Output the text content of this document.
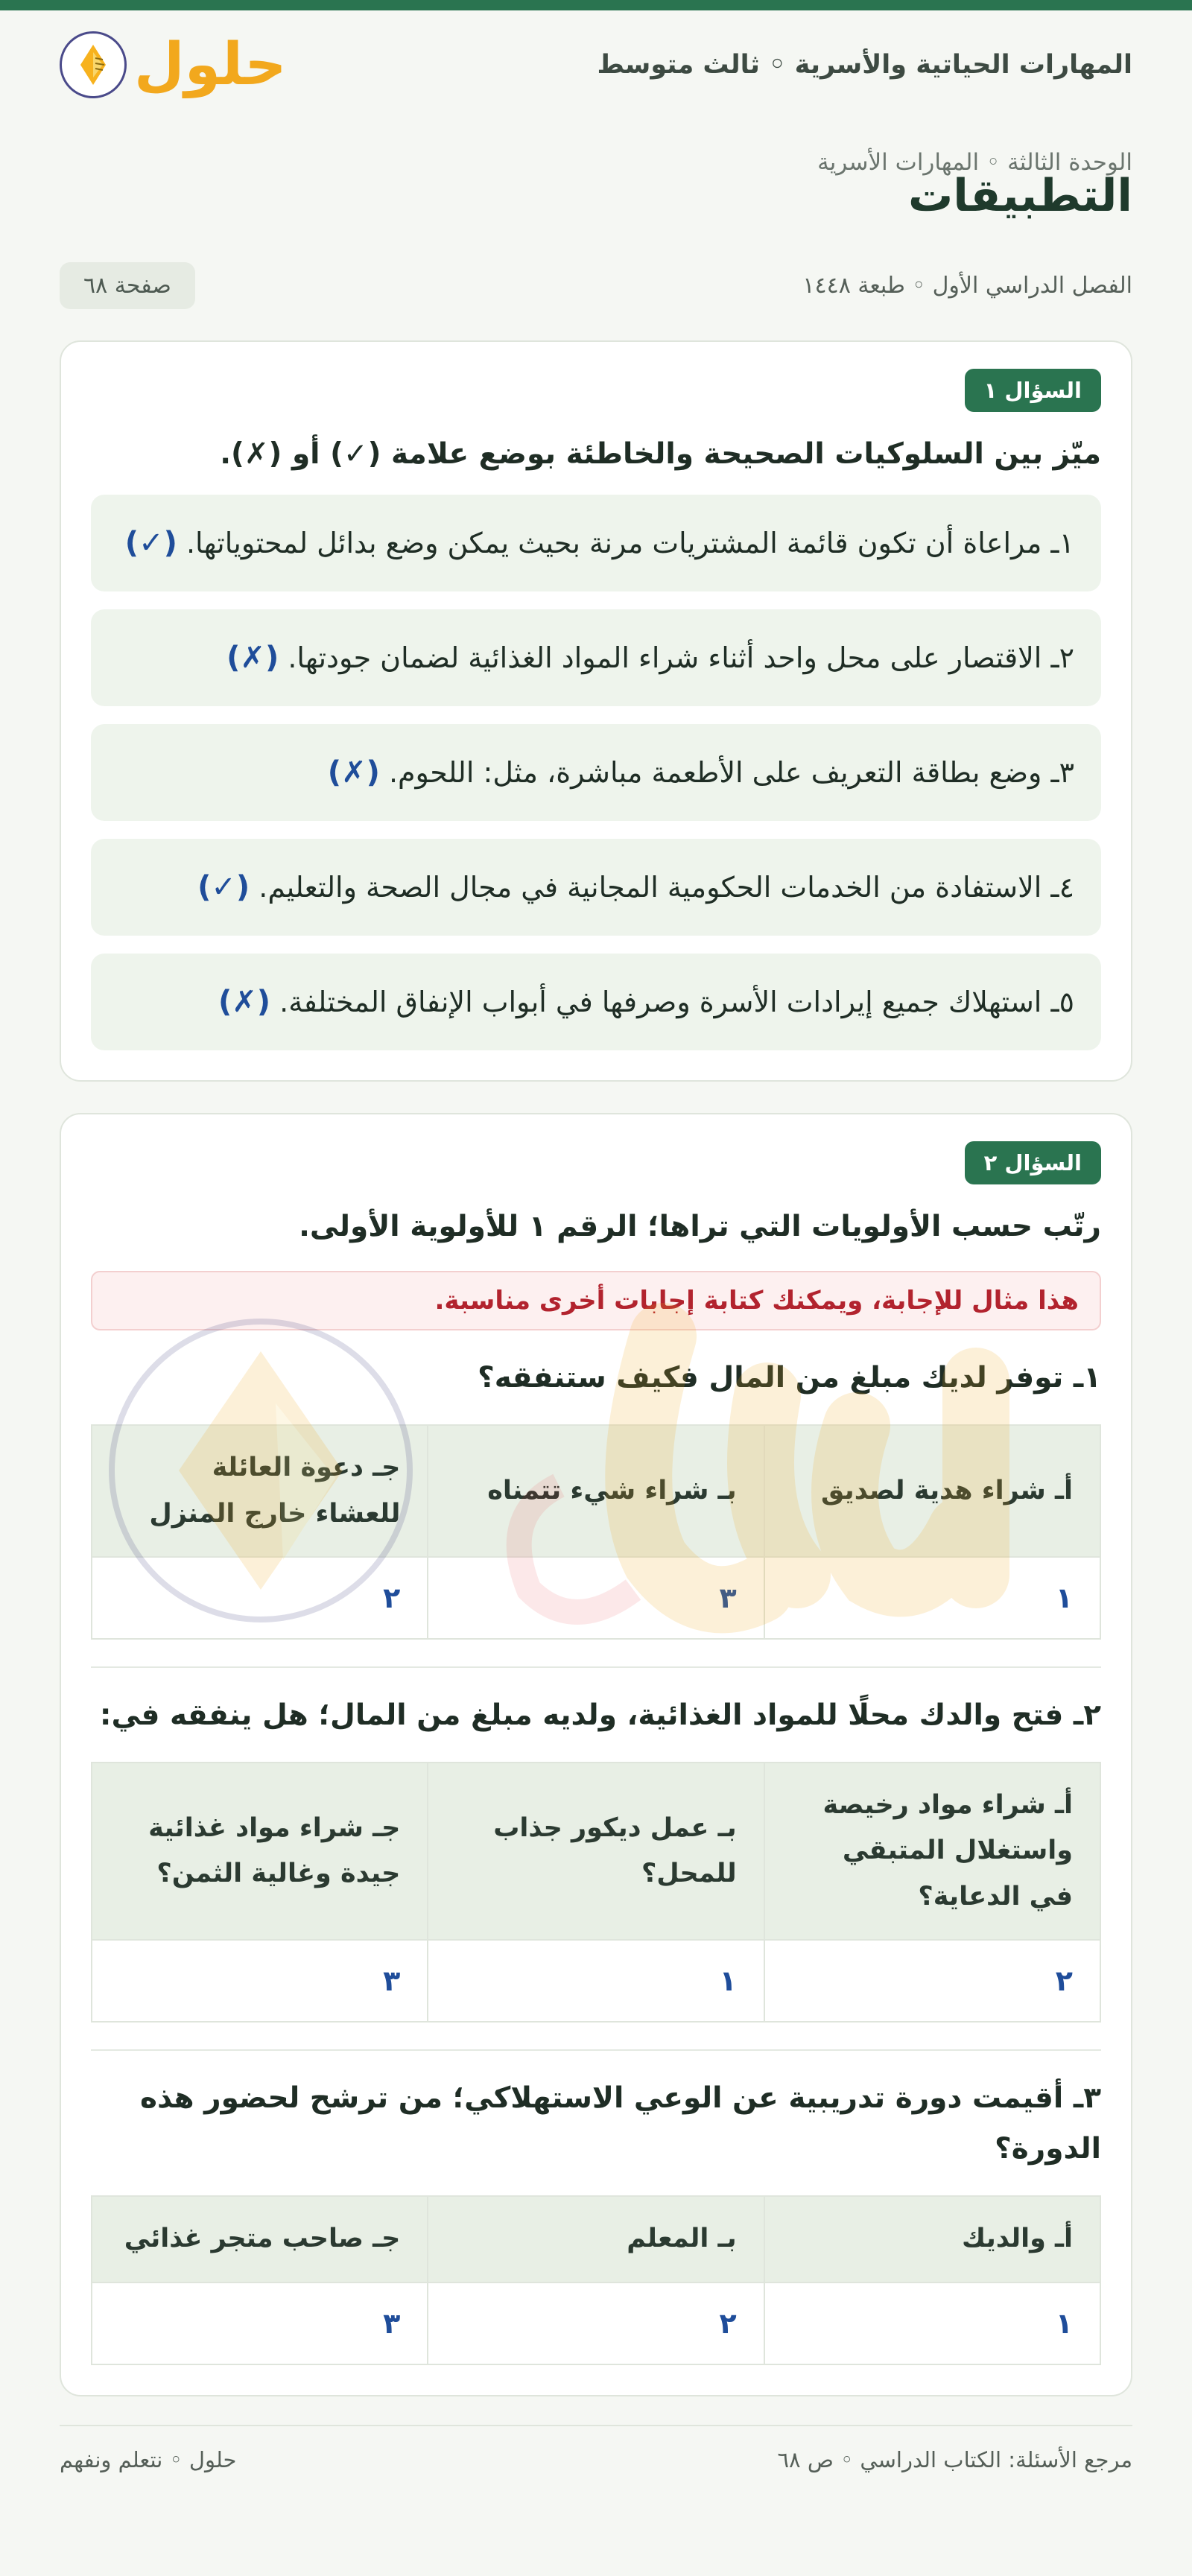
المهارات الحياتية والأسرية ◦ ثالث متوسط
حلول
الوحدة الثالثة ◦ المهارات الأسرية
التطبيقات
الفصل الدراسي الأول ◦ طبعة ١٤٤٨
صفحة ٦٨
السؤال ١
ميّز بين السلوكيات الصحيحة والخاطئة بوضع علامة (✓) أو (✗).
١ـ مراعاة أن تكون قائمة المشتريات مرنة بحيث يمكن وضع بدائل لمحتوياتها. (✓)
٢ـ الاقتصار على محل واحد أثناء شراء المواد الغذائية لضمان جودتها. (✗)
٣ـ وضع بطاقة التعريف على الأطعمة مباشرة، مثل: اللحوم. (✗)
٤ـ الاستفادة من الخدمات الحكومية المجانية في مجال الصحة والتعليم. (✓)
٥ـ استهلاك جميع إيرادات الأسرة وصرفها في أبواب الإنفاق المختلفة. (✗)
السؤال ٢
رتّب حسب الأولويات التي تراها؛ الرقم ١ للأولوية الأولى.
هذا مثال للإجابة، ويمكنك كتابة إجابات أخرى مناسبة.
١ـ توفر لديك مبلغ من المال فكيف ستنفقه؟
أـ شراء هدية لصديق	بـ شراء شيء تتمناه	جـ دعوة العائلة للعشاء خارج المنزل
١	٣	٢
٢ـ فتح والدك محلًا للمواد الغذائية، ولديه مبلغ من المال؛ هل ينفقه في:
أـ شراء مواد رخيصة واستغلال المتبقي في الدعاية؟	بـ عمل ديكور جذاب للمحل؟	جـ شراء مواد غذائية جيدة وغالية الثمن؟
٢	١	٣
٣ـ أقيمت دورة تدريبية عن الوعي الاستهلاكي؛ من ترشح لحضور هذه الدورة؟
أـ والديك	بـ المعلم	جـ صاحب متجر غذائي
١	٢	٣
مرجع الأسئلة: الكتاب الدراسي ◦ ص ٦٨
حلول ◦ نتعلم ونفهم
